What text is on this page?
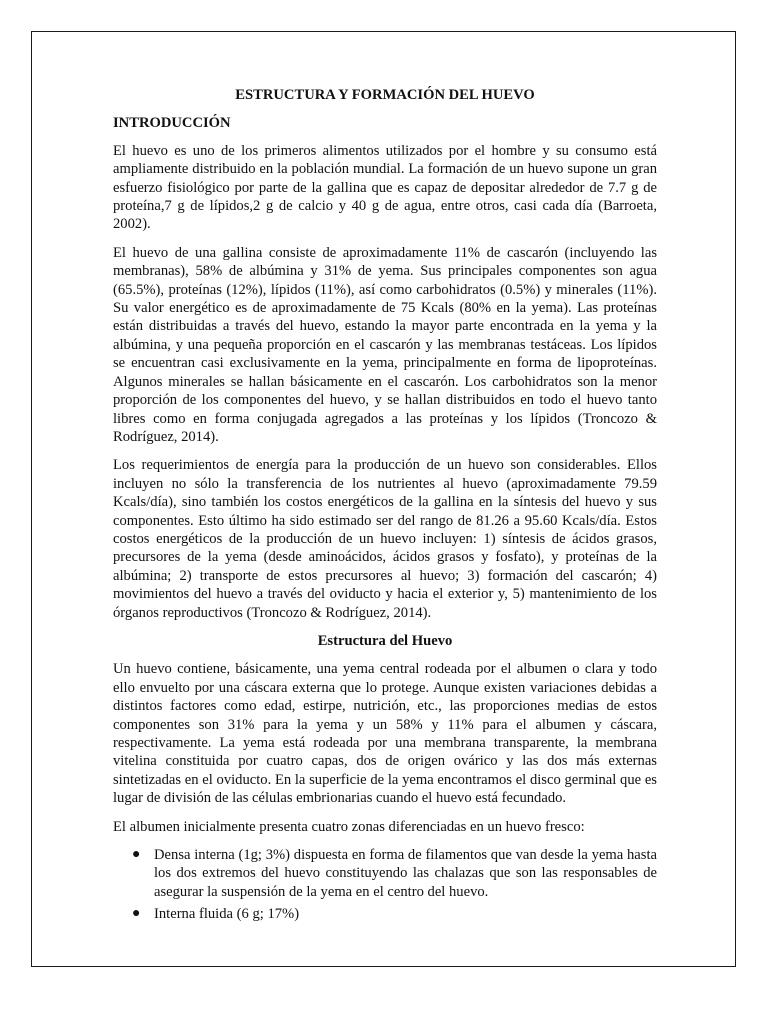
ESTRUCTURA Y FORMACIÓN DEL HUEVO
INTRODUCCIÓN

El huevo es uno de los primeros alimentos utilizados por el hombre y su consumo está ampliamente distribuido en la población mundial. La formación de un huevo supone un gran esfuerzo fisiológico por parte de la gallina que es capaz de depositar alrededor de 7.7 g de proteína,7 g de lípidos,2 g de calcio y 40 g de agua, entre otros, casi cada día (Barroeta, 2002).

El huevo de una gallina consiste de aproximadamente 11% de cascarón (incluyendo las membranas), 58% de albúmina y 31% de yema. Sus principales componentes son agua (65.5%), proteínas (12%), lípidos (11%), así como carbohidratos (0.5%) y minerales (11%). Su valor energético es de aproximadamente de 75 Kcals (80% en la yema). Las proteínas están distribuidas a través del huevo, estando la mayor parte encontrada en la yema y la albúmina, y una pequeña proporción en el cascarón y las membranas testáceas. Los lípidos se encuentran casi exclusivamente en la yema, principalmente en forma de lipoproteínas. Algunos minerales se hallan básicamente en el cascarón. Los carbohidratos son la menor proporción de los componentes del huevo, y se hallan distribuidos en todo el huevo tanto libres como en forma conjugada agregados a las proteínas y los lípidos (Troncozo & Rodríguez, 2014).

Los requerimientos de energía para la producción de un huevo son considerables. Ellos incluyen no sólo la transferencia de los nutrientes al huevo (aproximadamente 79.59 Kcals/día), sino también los costos energéticos de la gallina en la síntesis del huevo y sus componentes. Esto último ha sido estimado ser del rango de 81.26 a 95.60 Kcals/día. Estos costos energéticos de la producción de un huevo incluyen: 1) síntesis de ácidos grasos, precursores de la yema (desde aminoácidos, ácidos grasos y fosfato), y proteínas de la albúmina; 2) transporte de estos precursores al huevo; 3) formación del cascarón; 4) movimientos del huevo a través del oviducto y hacia el exterior y, 5) mantenimiento de los órganos reproductivos (Troncozo & Rodríguez, 2014).

Estructura del Huevo

Un huevo contiene, básicamente, una yema central rodeada por el albumen o clara y todo ello envuelto por una cáscara externa que lo protege. Aunque existen variaciones debidas a distintos factores como edad, estirpe, nutrición, etc., las proporciones medias de estos componentes son 31% para la yema y un 58% y 11% para el albumen y cáscara, respectivamente. La yema está rodeada por una membrana transparente, la membrana vitelina constituida por cuatro capas, dos de origen ovárico y las dos más externas sintetizadas en el oviducto. En la superficie de la yema encontramos el disco germinal que es lugar de división de las células embrionarias cuando el huevo está fecundado.

El albumen inicialmente presenta cuatro zonas diferenciadas en un huevo fresco:

● Densa interna (1g; 3%) dispuesta en forma de filamentos que van desde la yema hasta los dos extremos del huevo constituyendo las chalazas que son las responsables de asegurar la suspensión de la yema en el centro del huevo.
● Interna fluida (6 g; 17%)
